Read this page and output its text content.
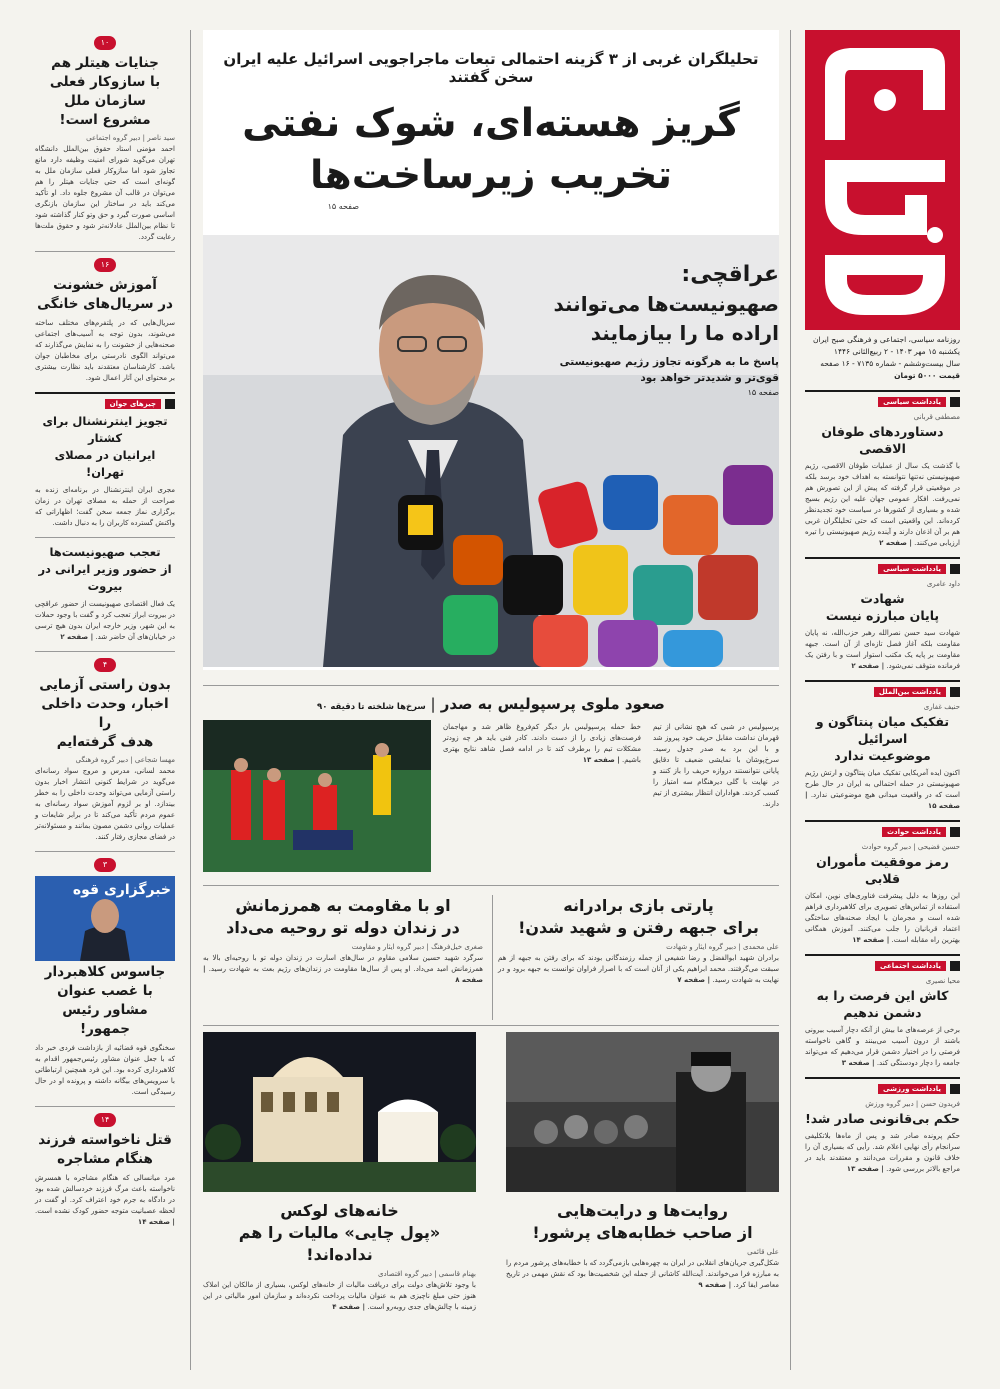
روزنامه سیاسی، اجتماعی و فرهنگی صبح ایران
یکشنبه ۱۵ مهر ۱۴۰۳ - ۲ ربیع‌الثانی ۱۴۴۶
سال بیست‌وششم - شماره ۷۱۳۵ - ۱۶ صفحه
قیمت ۵۰۰۰ تومان
یادداشت سیاسی
مصطفی قربانی
دستاوردهای طوفان الاقصی
با گذشت یک سال از عملیات طوفان الاقصی، رژیم صهیونیستی نه‌تنها نتوانسته به اهداف خود برسد بلکه در موقعیتی قرار گرفته که پیش از این تصورش هم نمی‌رفت. افکار عمومی جهان علیه این رژیم بسیج شده و بسیاری از کشورها در سیاست خود تجدیدنظر کرده‌اند. این واقعیتی است که حتی تحلیلگران غربی هم بر آن اذعان دارند و آینده رژیم صهیونیستی را تیره ارزیابی می‌کنند. | صفحه ۲
یادداشت سیاسی
داود عامری
شهادت
پایان مبارزه نیست
شهادت سید حسن نصرالله رهبر حزب‌الله، نه پایان مقاومت بلکه آغاز فصل تازه‌ای از آن است. جبهه مقاومت بر پایه یک مکتب استوار است و با رفتن یک فرمانده متوقف نمی‌شود. | صفحه ۲
یادداشت بین‌الملل
حنیف غفاری
تفکیک میان پنتاگون و اسرائیل
موضوعیت ندارد
اکنون ایده آمریکایی تفکیک میان پنتاگون و ارتش رژیم صهیونیستی در حمله احتمالی به ایران در حال طرح است که در واقعیت میدانی هیچ موضوعیتی ندارد. | صفحه ۱۵
یادداشت حوادث
حسین فضیحی | دبیر گروه حوادث
رمز موفقیت مأموران قلابی
این روزها به دلیل پیشرفت فناوری‌های نوین، امکان استفاده از تماس‌های تصویری برای کلاهبرداری فراهم شده است و مجرمان با ایجاد صحنه‌های ساختگی اعتماد قربانیان را جلب می‌کنند. آموزش همگانی بهترین راه مقابله است. | صفحه ۱۴
یادداشت اجتماعی
محیا نصیری
کاش این فرصت را به دشمن ندهیم
برخی از عرصه‌های ما بیش از آنکه دچار آسیب بیرونی باشند از درون آسیب می‌بینند و گاهی ناخواسته فرصتی را در اختیار دشمن قرار می‌دهیم که می‌تواند جامعه را دچار دودستگی کند. | صفحه ۳
یادداشت ورزشی
فریدون حسن | دبیر گروه ورزش
حکم بی‌قانونی صادر شد!
حکم پرونده صادر شد و پس از ماه‌ها بلاتکلیفی سرانجام رأی نهایی اعلام شد. رأیی که بسیاری آن را خلاف قانون و مقررات می‌دانند و معتقدند باید در مراجع بالاتر بررسی شود. | صفحه ۱۳
تحلیلگران غربی از ۳ گزینه احتمالی تبعات ماجراجویی اسرائیل علیه ایران سخن گفتند
گریز هسته‌ای، شوک نفتی
تخریب زیرساخت‌ها
صفحه ۱۵
عراقچی:
صهیونیست‌ها می‌توانند
اراده ما را بیازمایند
پاسخ ما به هرگونه تجاوز رژیم صهیونیستی
قوی‌تر و شدیدتر خواهد بود
صفحه ۱۵
صعود ملوی پرسپولیس به صدر | سرخ‌ها شلخته تا دقیقه ۹۰
پرسپولیس در شبی که هیچ نشانی از تیم قهرمان نداشت مقابل حریف خود پیروز شد و با این برد به صدر جدول رسید. سرخ‌پوشان با نمایشی ضعیف تا دقایق پایانی نتوانستند دروازه حریف را باز کنند و در نهایت با گلی دیرهنگام سه امتیاز را کسب کردند. هواداران انتظار بیشتری از تیم دارند.
خط حمله پرسپولیس بار دیگر کم‌فروغ ظاهر شد و مهاجمان فرصت‌های زیادی را از دست دادند. کادر فنی باید هر چه زودتر مشکلات تیم را برطرف کند تا در ادامه فصل شاهد نتایج بهتری باشیم. | صفحه ۱۳
پارتی بازی برادرانه
برای جبهه رفتن و شهید شدن!
علی محمدی | دبیر گروه ایثار و شهادت
برادران شهید ابوالفضل و رضا شفیعی از جمله رزمندگانی بودند که برای رفتن به جبهه از هم سبقت می‌گرفتند. محمد ابراهیم یکی از آنان است که با اصرار فراوان توانست به جبهه برود و در نهایت به شهادت رسید. | صفحه ۷
او با مقاومت به همرزمانش
در زندان دوله تو روحیه می‌داد
صغری خیل‌فرهنگ | دبیر گروه ایثار و مقاومت
سرگرد شهید حسین سلامی مقاوم در سال‌های اسارت در زندان دوله تو با روحیه‌ای بالا به همرزمانش امید می‌داد. او پس از سال‌ها مقاومت در زندان‌های رژیم بعث به شهادت رسید. | صفحه ۸
روایت‌ها و درایت‌هایی
از صاحب خطابه‌های پرشور!
علی قائمی
شکل‌گیری جریان‌های انقلابی در ایران به چهره‌هایی بازمی‌گردد که با خطابه‌های پرشور مردم را به مبارزه فرا می‌خواندند. آیت‌الله کاشانی از جمله این شخصیت‌ها بود که نقش مهمی در تاریخ معاصر ایفا کرد. | صفحه ۹
خانه‌های لوکس
«پول چایی» مالیات را هم نداده‌اند!
بهنام قاسمی | دبیر گروه اقتصادی
با وجود تلاش‌های دولت برای دریافت مالیات از خانه‌های لوکس، بسیاری از مالکان این املاک هنوز حتی مبلغ ناچیزی هم به عنوان مالیات پرداخت نکرده‌اند و سازمان امور مالیاتی در این زمینه با چالش‌های جدی روبه‌رو است. | صفحه ۴
۱۰
جنایات هیتلر هم
با سازوکار فعلی سازمان ملل
مشروع است!
سید ناصر | دبیر گروه اجتماعی
احمد مؤمنی استاد حقوق بین‌الملل دانشگاه تهران می‌گوید شورای امنیت وظیفه دارد مانع تجاوز شود اما سازوکار فعلی سازمان ملل به گونه‌ای است که حتی جنایات هیتلر را هم می‌توان در قالب آن مشروع جلوه داد. او تأکید می‌کند باید در ساختار این سازمان بازنگری اساسی صورت گیرد و حق وتو کنار گذاشته شود تا نظام بین‌الملل عادلانه‌تر شود و حقوق ملت‌ها رعایت گردد.
۱۶
آموزش خشونت
در سریال‌های خانگی
سریال‌هایی که در پلتفرم‌های مختلف ساخته می‌شوند، بدون توجه به آسیب‌های اجتماعی صحنه‌هایی از خشونت را به نمایش می‌گذارند که می‌تواند الگوی نادرستی برای مخاطبان جوان باشد. کارشناسان معتقدند باید نظارت بیشتری بر محتوای این آثار اعمال شود.
چیزهای جوان
تجویز اینترنشنال برای کشتار
ایرانیان در مصلای تهران!
مجری ایران اینترنشنال در برنامه‌ای زنده به صراحت از حمله به مصلای تهران در زمان برگزاری نماز جمعه سخن گفت؛ اظهاراتی که واکنش گسترده کاربران را به دنبال داشت.
تعجب صهیونیست‌ها
از حضور وزیر ایرانی در بیروت
یک فعال اقتصادی صهیونیست از حضور عراقچی در بیروت ابراز تعجب کرد و گفت با وجود حملات به این شهر، وزیر خارجه ایران بدون هیچ ترسی در خیابان‌های آن حاضر شد. | صفحه ۲
۴
بدون راستی آزمایی
اخبار، وحدت داخلی را
هدف گرفته‌ایم
مهسا شجاعی | دبیر گروه فرهنگی
محمد لسانی، مدرس و مروج سواد رسانه‌ای می‌گوید در شرایط کنونی انتشار اخبار بدون راستی آزمایی می‌تواند وحدت داخلی را به خطر بیندازد. او بر لزوم آموزش سواد رسانه‌ای به عموم مردم تأکید می‌کند تا در برابر شایعات و عملیات روانی دشمن مصون بمانند و مسئولانه‌تر در فضای مجازی رفتار کنند.
۳
خبرگزاری قوه
جاسوس کلاهبردار
با غصب عنوان
مشاور رئیس جمهور!
سخنگوی قوه قضائیه از بازداشت فردی خبر داد که با جعل عنوان مشاور رئیس‌جمهور اقدام به کلاهبرداری کرده بود. این فرد همچنین ارتباطاتی با سرویس‌های بیگانه داشته و پرونده او در حال رسیدگی است.
۱۴
قتل ناخواسته فرزند
هنگام مشاجره
مرد میانسالی که هنگام مشاجره با همسرش ناخواسته باعث مرگ فرزند خردسالش شده بود در دادگاه به جرم خود اعتراف کرد. او گفت در لحظه عصبانیت متوجه حضور کودک نشده است. | صفحه ۱۴
